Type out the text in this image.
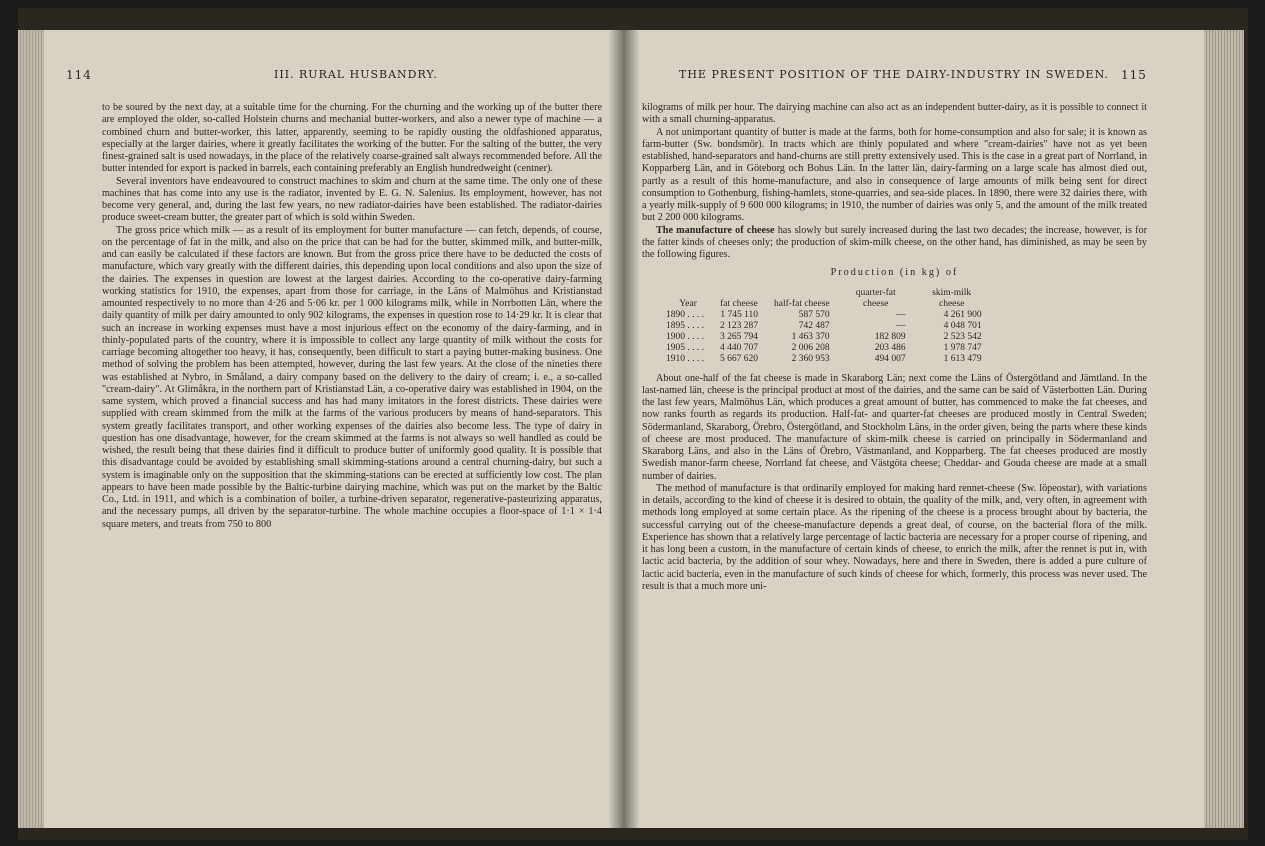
114	III. RURAL HUSBANDRY.

to be soured by the next day, at a suitable time for the churning. For the churning and the working up of the butter there are employed the older, so-called Holstein churns and mechanial butter-workers, and also a newer type of machine — a combined churn and butter-worker, this latter, apparently, seeming to be rapidly ousting the oldfashioned apparatus, especially at the larger dairies, where it greatly facilitates the working of the butter. For the salting of the butter, the very finest-grained salt is used nowadays, in the place of the relatively coarse-grained salt always recommended before. All the butter intended for export is packed in barrels, each containing preferably an English hundredweight (centner).

Several inventors have endeavoured to construct machines to skim and churn at the same time. The only one of these machines that has come into any use is the radiator, invented by E. G. N. Salenius. Its employment, however, has not become very general, and, during the last few years, no new radiator-dairies have been established. The radiator-dairies produce sweet-cream butter, the greater part of which is sold within Sweden.

The gross price which milk — as a result of its employment for butter manufacture — can fetch, depends, of course, on the percentage of fat in the milk, and also on the price that can be had for the butter, skimmed milk, and butter-milk, and can easily be calculated if these factors are known. But from the gross price there have to be deducted the costs of manufacture, which vary greatly with the different dairies, this depending upon local conditions and also upon the size of the dairies. The expenses in question are lowest at the largest dairies. According to the co-operative dairy-farming working statistics for 1910, the expenses, apart from those for carriage, in the Läns of Malmöhus and Kristianstad amounted respectively to no more than 4·26 and 5·06 kr. per 1 000 kilograms milk, while in Norrbotten Län, where the daily quantity of milk per dairy amounted to only 902 kilograms, the expenses in question rose to 14·29 kr. It is clear that such an increase in working expenses must have a most injurious effect on the economy of the dairy-farming, and in thinly-populated parts of the country, where it is impossible to collect any large quantity of milk without the costs for carriage becoming altogether too heavy, it has, consequently, been difficult to start a paying butter-making business. One method of solving the problem has been attempted, however, during the last few years. At the close of the nineties there was established at Nybro, in Småland, a dairy company based on the delivery to the dairy of cream; i. e., a so-called "cream-dairy". At Glimåkra, in the northern part of Kristianstad Län, a co-operative dairy was established in 1904, on the same system, which proved a financial success and has had many imitators in the forest districts. These dairies were supplied with cream skimmed from the milk at the farms of the various producers by means of hand-separators. This system greatly facilitates transport, and other working expenses of the dairies also become less. The type of dairy in question has one disadvantage, however, for the cream skimmed at the farms is not always so well handled as could be wished, the result being that these dairies find it difficult to produce butter of uniformly good quality. It is possible that this disadvantage could be avoided by establishing small skimming-stations around a central churning-dairy, but such a system is imaginable only on the supposition that the skimming-stations can be erected at sufficiently low cost. The plan appears to have been made possible by the Baltic-turbine dairying machine, which was put on the market by the Baltic Co., Ltd. in 1911, and which is a combination of boiler, a turbine-driven separator, regenerative-pasteurizing apparatus, and the necessary pumps, all driven by the separator-turbine. The whole machine occupies a floor-space of 1·1 × 1·4 square meters, and treats from 750 to 800

THE PRESENT POSITION OF THE DAIRY-INDUSTRY IN SWEDEN. 115

kilograms of milk per hour. The dairying machine can also act as an independent butter-dairy, as it is possible to connect it with a small churning-apparatus.

A not unimportant quantity of butter is made at the farms, both for home-consumption and also for sale; it is known as farm-butter (Sw. bondsmör). In tracts which are thinly populated and where "cream-dairies" have not as yet been established, hand-separators and hand-churns are still pretty extensively used. This is the case in a great part of Norrland, in Kopparberg Län, and in Göteborg och Bohus Län. In the latter län, dairy-farming on a large scale has almost died out, partly as a result of this home-manufacture, and also in consequence of large amounts of milk being sent for direct consumption to Gothenburg, fishing-hamlets, stone-quarries, and sea-side places. In 1890, there were 32 dairies there, with a yearly milk-supply of 9 600 000 kilograms; in 1910, the number of dairies was only 5, and the amount of the milk treated but 2 200 000 kilograms.

The manufacture of cheese has slowly but surely increased during the last two decades; the increase, however, is for the fatter kinds of cheeses only; the production of skim-milk cheese, on the other hand, has diminished, as may be seen by the following figures.

Production (in kg) of
Year	fat cheese	half-fat cheese	quarter-fat cheese	skim-milk cheese
1890 . . . .	1 745 110	587 570	—	4 261 900
1895 . . . .	2 123 287	742 487	—	4 048 701
1900 . . . .	3 265 794	1 463 370	182 809	2 523 542
1905 . . . .	4 440 707	2 006 208	203 486	1 978 747
1910 . . . .	5 667 620	2 360 953	494 007	1 613 479

About one-half of the fat cheese is made in Skaraborg Län; next come the Läns of Östergötland and Jämtland. In the last-named län, cheese is the principal product at most of the dairies, and the same can be said of Västerbotten Län. During the last few years, Malmöhus Län, which produces a great amount of butter, has commenced to make the fat cheeses, and now ranks fourth as regards its production. Half-fat- and quarter-fat cheeses are produced mostly in Central Sweden; Södermanland, Skaraborg, Örebro, Östergötland, and Stockholm Läns, in the order given, being the parts where these kinds of cheese are most produced. The manufacture of skim-milk cheese is carried on principally in Södermanland and Skaraborg Läns, and also in the Läns of Örebro, Västmanland, and Kopparberg. The fat cheeses produced are mostly Swedish manor-farm cheese, Norrland fat cheese, and Västgöta cheese; Cheddar- and Gouda cheese are made at a small number of dairies.

The method of manufacture is that ordinarily employed for making hard rennet-cheese (Sw. löpeostar), with variations in details, according to the kind of cheese it is desired to obtain, the quality of the milk, and, very often, in agreement with methods long employed at some certain place. As the ripening of the cheese is a process brought about by bacteria, the successful carrying out of the cheese-manufacture depends a great deal, of course, on the bacterial flora of the milk. Experience has shown that a relatively large percentage of lactic bacteria are necessary for a proper course of ripening, and it has long been a custom, in the manufacture of certain kinds of cheese, to enrich the milk, after the rennet is put in, with lactic acid bacteria, by the addition of sour whey. Nowadays, here and there in Sweden, there is added a pure culture of lactic acid bacteria, even in the manufacture of such kinds of cheese for which, formerly, this process was never used. The result is that a much more uni-
